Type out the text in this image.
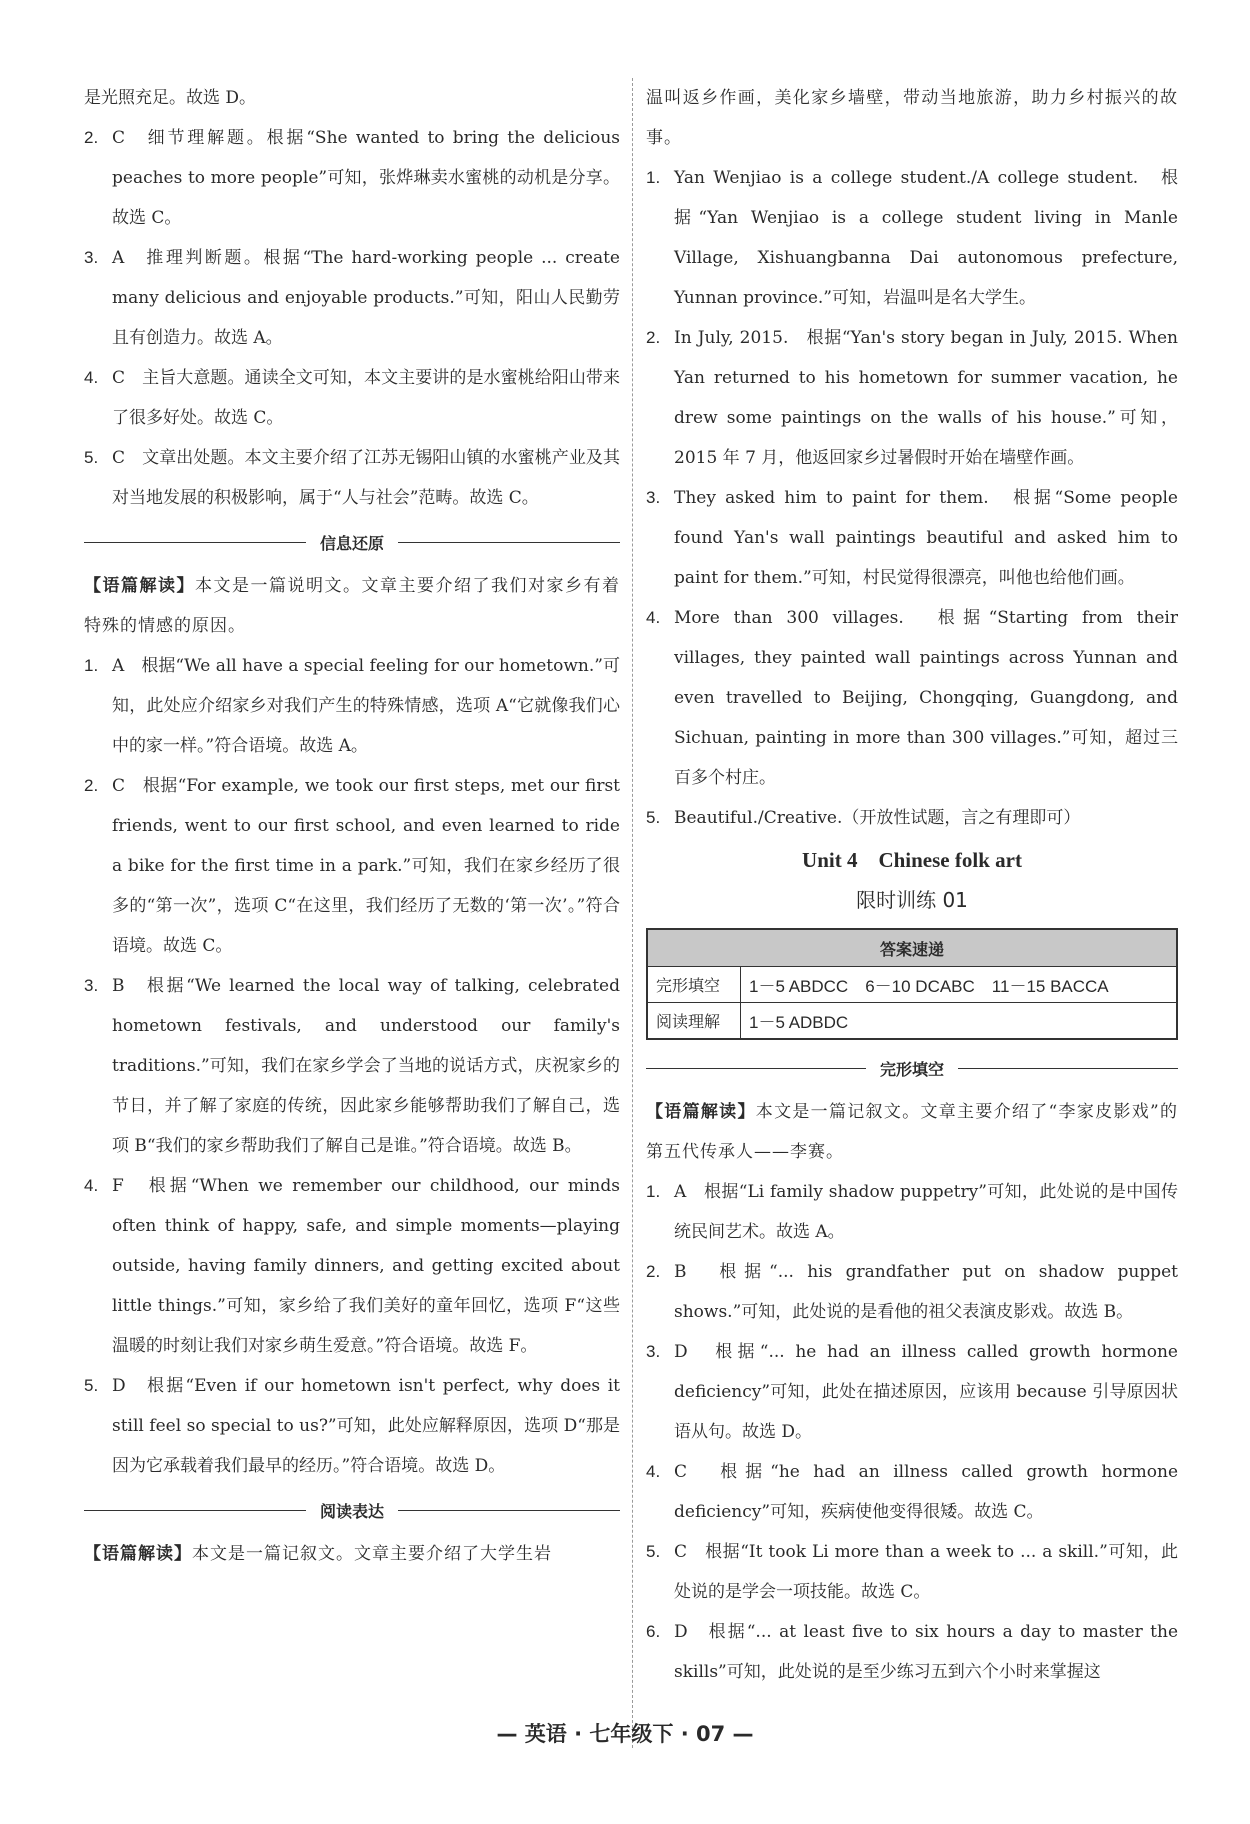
是光照充足。故选 D。

2. C　细节理解题。根据“She wanted to bring the delicious peaches to more people”可知，张烨琳卖水蜜桃的动机是分享。故选 C。
3. A　推理判断题。根据“The hard-working people ... create many delicious and enjoyable products.”可知，阳山人民勤劳且有创造力。故选 A。
4. C　主旨大意题。通读全文可知，本文主要讲的是水蜜桃给阳山带来了很多好处。故选 C。
5. C　文章出处题。本文主要介绍了江苏无锡阳山镇的水蜜桃产业及其对当地发展的积极影响，属于“人与社会”范畴。故选 C。
信息还原

【语篇解读】本文是一篇说明文。文章主要介绍了我们对家乡有着特殊的情感的原因。

1. A　根据“We all have a special feeling for our hometown.”可知，此处应介绍家乡对我们产生的特殊情感，选项 A“它就像我们心中的家一样。”符合语境。故选 A。
2. C　根据“For example, we took our first steps, met our first friends, went to our first school, and even learned to ride a bike for the first time in a park.”可知，我们在家乡经历了很多的“第一次”，选项 C“在这里，我们经历了无数的‘第一次’。”符合语境。故选 C。
3. B　根据“We learned the local way of talking, celebrated hometown festivals, and understood our family's traditions.”可知，我们在家乡学会了当地的说话方式，庆祝家乡的节日，并了解了家庭的传统，因此家乡能够帮助我们了解自己，选项 B“我们的家乡帮助我们了解自己是谁。”符合语境。故选 B。
4. F　根据“When we remember our childhood, our minds often think of happy, safe, and simple moments—playing outside, having family dinners, and getting excited about little things.”可知，家乡给了我们美好的童年回忆，选项 F“这些温暖的时刻让我们对家乡萌生爱意。”符合语境。故选 F。
5. D　根据“Even if our hometown isn't perfect, why does it still feel so special to us?”可知，此处应解释原因，选项 D“那是因为它承载着我们最早的经历。”符合语境。故选 D。
阅读表达

【语篇解读】本文是一篇记叙文。文章主要介绍了大学生岩

温叫返乡作画，美化家乡墙壁，带动当地旅游，助力乡村振兴的故事。

1. Yan Wenjiao is a college student./A college student.　根据“Yan Wenjiao is a college student living in Manle Village, Xishuangbanna Dai autonomous prefecture, Yunnan province.”可知，岩温叫是名大学生。
2. In July, 2015.　根据“Yan's story began in July, 2015. When Yan returned to his hometown for summer vacation, he drew some paintings on the walls of his house.”可知，2015 年 7 月，他返回家乡过暑假时开始在墙壁作画。
3. They asked him to paint for them.　根据“Some people found Yan's wall paintings beautiful and asked him to paint for them.”可知，村民觉得很漂亮，叫他也给他们画。
4. More than 300 villages.　根据“Starting from their villages, they painted wall paintings across Yunnan and even travelled to Beijing, Chongqing, Guangdong, and Sichuan, painting in more than 300 villages.”可知，超过三百多个村庄。
5. Beautiful./Creative.（开放性试题，言之有理即可）
Unit 4　Chinese folk art
限时训练 01
答案速递	
完形填空	1－5 ABDCC　6－10 DCABC　11－15 BACCA
阅读理解	1－5 ADBDC
完形填空

【语篇解读】本文是一篇记叙文。文章主要介绍了“李家皮影戏”的第五代传承人——李赛。

1. A　根据“Li family shadow puppetry”可知，此处说的是中国传统民间艺术。故选 A。
2. B　根据“... his grandfather put on shadow puppet shows.”可知，此处说的是看他的祖父表演皮影戏。故选 B。
3. D　根据“... he had an illness called growth hormone deficiency”可知，此处在描述原因，应该用 because 引导原因状语从句。故选 D。
4. C　根据“he had an illness called growth hormone deficiency”可知，疾病使他变得很矮。故选 C。
5. C　根据“It took Li more than a week to ... a skill.”可知，此处说的是学会一项技能。故选 C。
6. D　根据“... at least five to six hours a day to master the skills”可知，此处说的是至少练习五到六个小时来掌握这
— 英语 · 七年级下 · 07 —
